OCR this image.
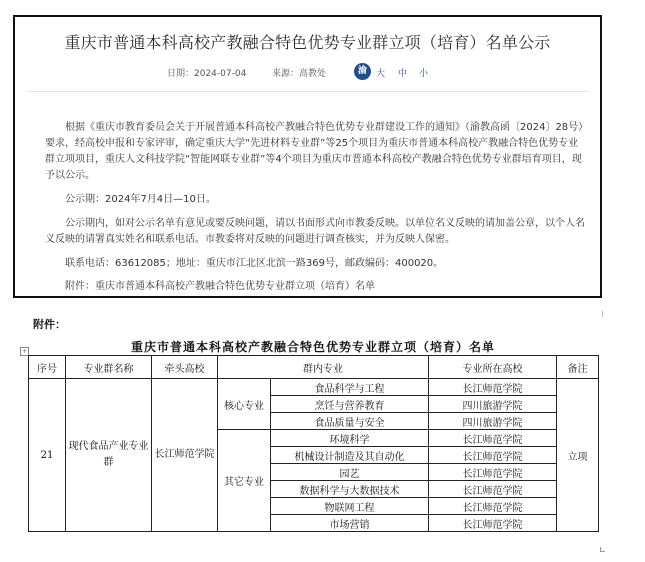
重庆市普通本科高校产教融合特色优势专业群立项（培育）名单公示
日期：2024-07-04	来源：高教处	渝	大 中 小

根据《重庆市教育委员会关于开展普通本科高校产教融合特色优势专业群建设工作的通知》（渝教高函〔2024〕28号）要求，经高校申报和专家评审，确定重庆大学“先进材料专业群”等25个项目为重庆市普通本科高校产教融合特色优势专业群立项项目，重庆人文科技学院“智能网联专业群”等4个项目为重庆市普通本科高校产教融合特色优势专业群培育项目，现予以公示。

公示期：2024年7月4日—10日。

公示期内，如对公示名单有意见或要反映问题，请以书面形式向市教委反映。以单位名义反映的请加盖公章，以个人名义反映的请署真实姓名和联系电话。市教委将对反映的问题进行调查核实，并为反映人保密。

联系电话：63612085；地址：重庆市江北区北滨一路369号，邮政编码：400020。

附件：重庆市普通本科高校产教融合特色优势专业群立项（培育）名单

附件：
重庆市普通本科高校产教融合特色优势专业群立项（培育）名单
+
序号	专业群名称	牵头高校	群内专业		专业所在高校	备注
21	现代食品产业专业群	长江师范学院	核心专业	食品科学与工程	长江师范学院	立项
				烹饪与营养教育	四川旅游学院	
				食品质量与安全	四川旅游学院	
			其它专业	环境科学	长江师范学院	
				机械设计制造及其自动化	长江师范学院	
				园艺	长江师范学院	
				数据科学与大数据技术	长江师范学院	
				物联网工程	长江师范学院	
				市场营销	长江师范学院	
